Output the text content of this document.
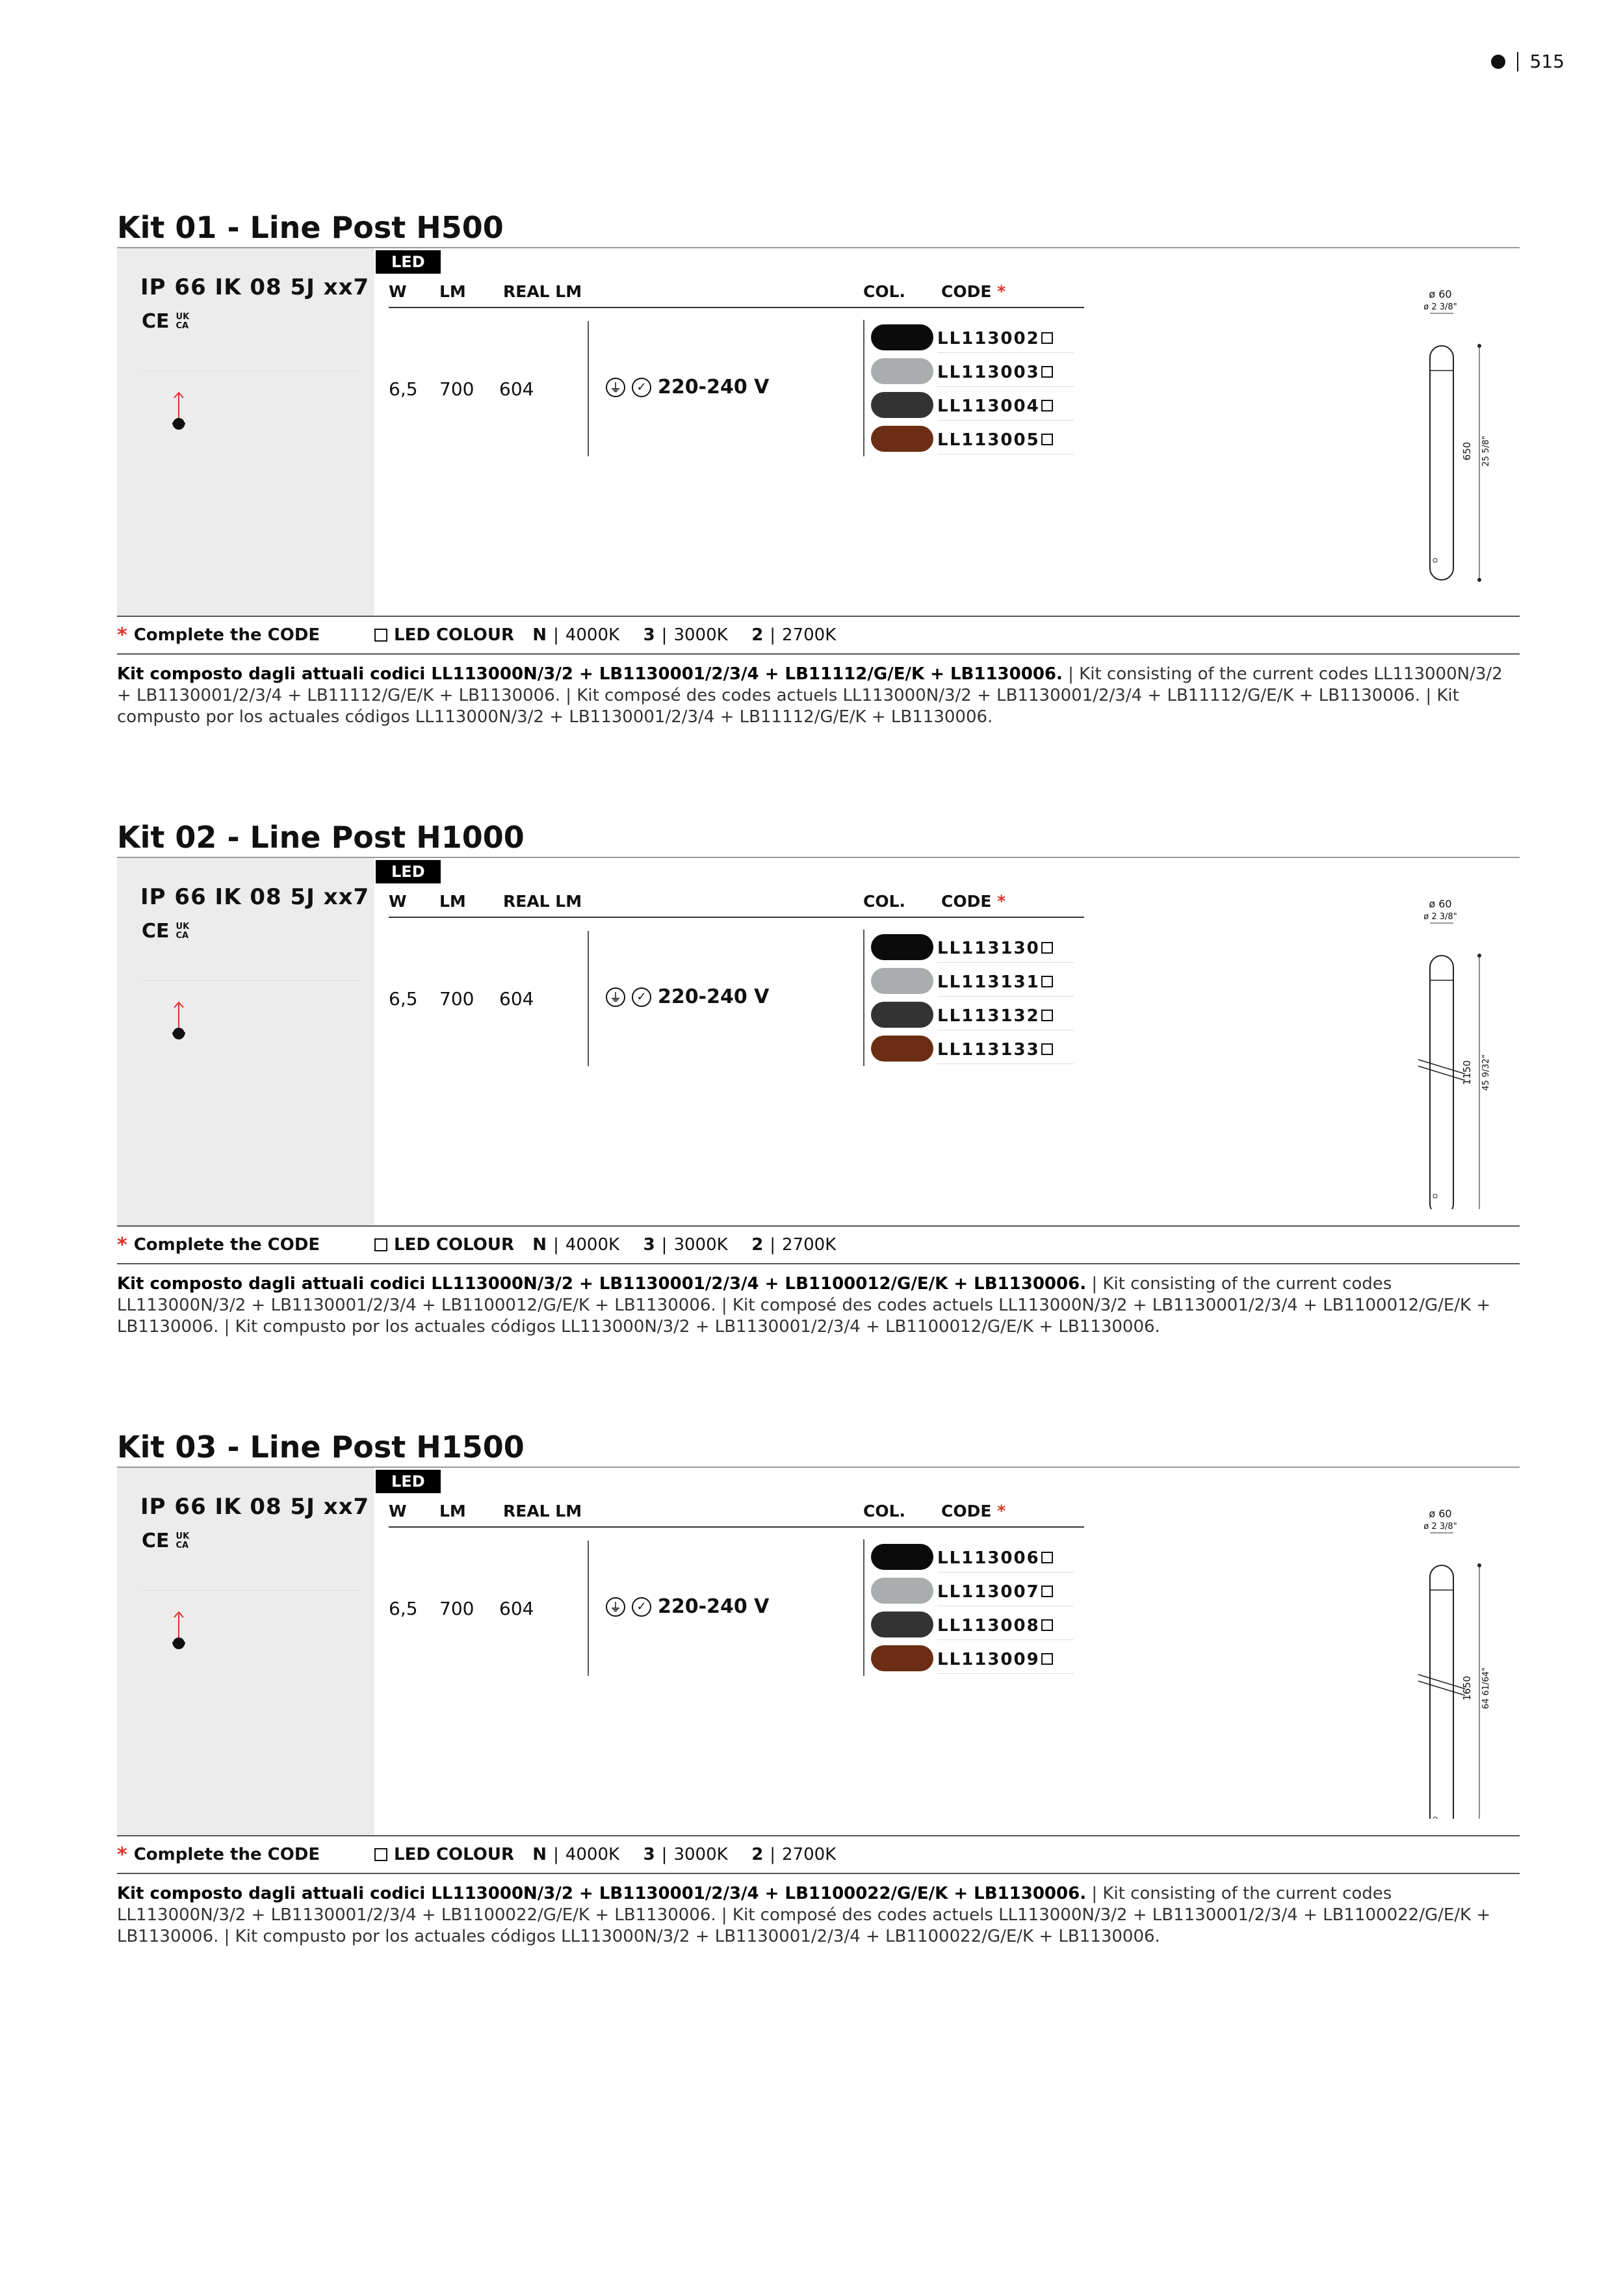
515
Kit 01 - Line Post H500
IP 66 IK 08 5J xx7
CE UK
CA
LED
W LM REAL LM	COL. CODE *
6,5 700 604	⏚	✓ 220-240 V
LL113002
LL113003
LL113004
LL113005
ø 60
ø 2 3/8"
650 25 5/8"
* Complete the CODE	LED COLOUR
N | 4000K
3 | 3000K
2 | 2700K

Kit composto dagli attuali codici LL113000N/3/2 + LB1130001/2/3/4 + LB11112/G/E/K + LB1130006. | Kit consisting of the current codes LL113000N/3/2 + LB1130001/2/3/4 + LB11112/G/E/K + LB1130006. | Kit composé des codes actuels LL113000N/3/2 + LB1130001/2/3/4 + LB11112/G/E/K + LB1130006. | Kit compusto por los actuales códigos LL113000N/3/2 + LB1130001/2/3/4 + LB11112/G/E/K + LB1130006.

Kit 02 - Line Post H1000
IP 66 IK 08 5J xx7
CE UK
CA
LED
W LM REAL LM	COL. CODE *
6,5 700 604	⏚	✓ 220-240 V
LL113130
LL113131
LL113132
LL113133
ø 60
ø 2 3/8"
1150 45 9/32"
* Complete the CODE	LED COLOUR
N | 4000K
3 | 3000K
2 | 2700K

Kit composto dagli attuali codici LL113000N/3/2 + LB1130001/2/3/4 + LB1100012/G/E/K + LB1130006. | Kit consisting of the current codes LL113000N/3/2 + LB1130001/2/3/4 + LB1100012/G/E/K + LB1130006. | Kit composé des codes actuels LL113000N/3/2 + LB1130001/2/3/4 + LB1100012/G/E/K + LB1130006. | Kit compusto por los actuales códigos LL113000N/3/2 + LB1130001/2/3/4 + LB1100012/G/E/K + LB1130006.

Kit 03 - Line Post H1500
IP 66 IK 08 5J xx7
CE UK
CA
LED
W LM REAL LM	COL. CODE *
6,5 700 604	⏚	✓ 220-240 V
LL113006
LL113007
LL113008
LL113009
ø 60
ø 2 3/8"
1650 64 61/64"
* Complete the CODE	LED COLOUR
N | 4000K
3 | 3000K
2 | 2700K

Kit composto dagli attuali codici LL113000N/3/2 + LB1130001/2/3/4 + LB1100022/G/E/K + LB1130006. | Kit consisting of the current codes LL113000N/3/2 + LB1130001/2/3/4 + LB1100022/G/E/K + LB1130006. | Kit composé des codes actuels LL113000N/3/2 + LB1130001/2/3/4 + LB1100022/G/E/K + LB1130006. | Kit compusto por los actuales códigos LL113000N/3/2 + LB1130001/2/3/4 + LB1100022/G/E/K + LB1130006.
